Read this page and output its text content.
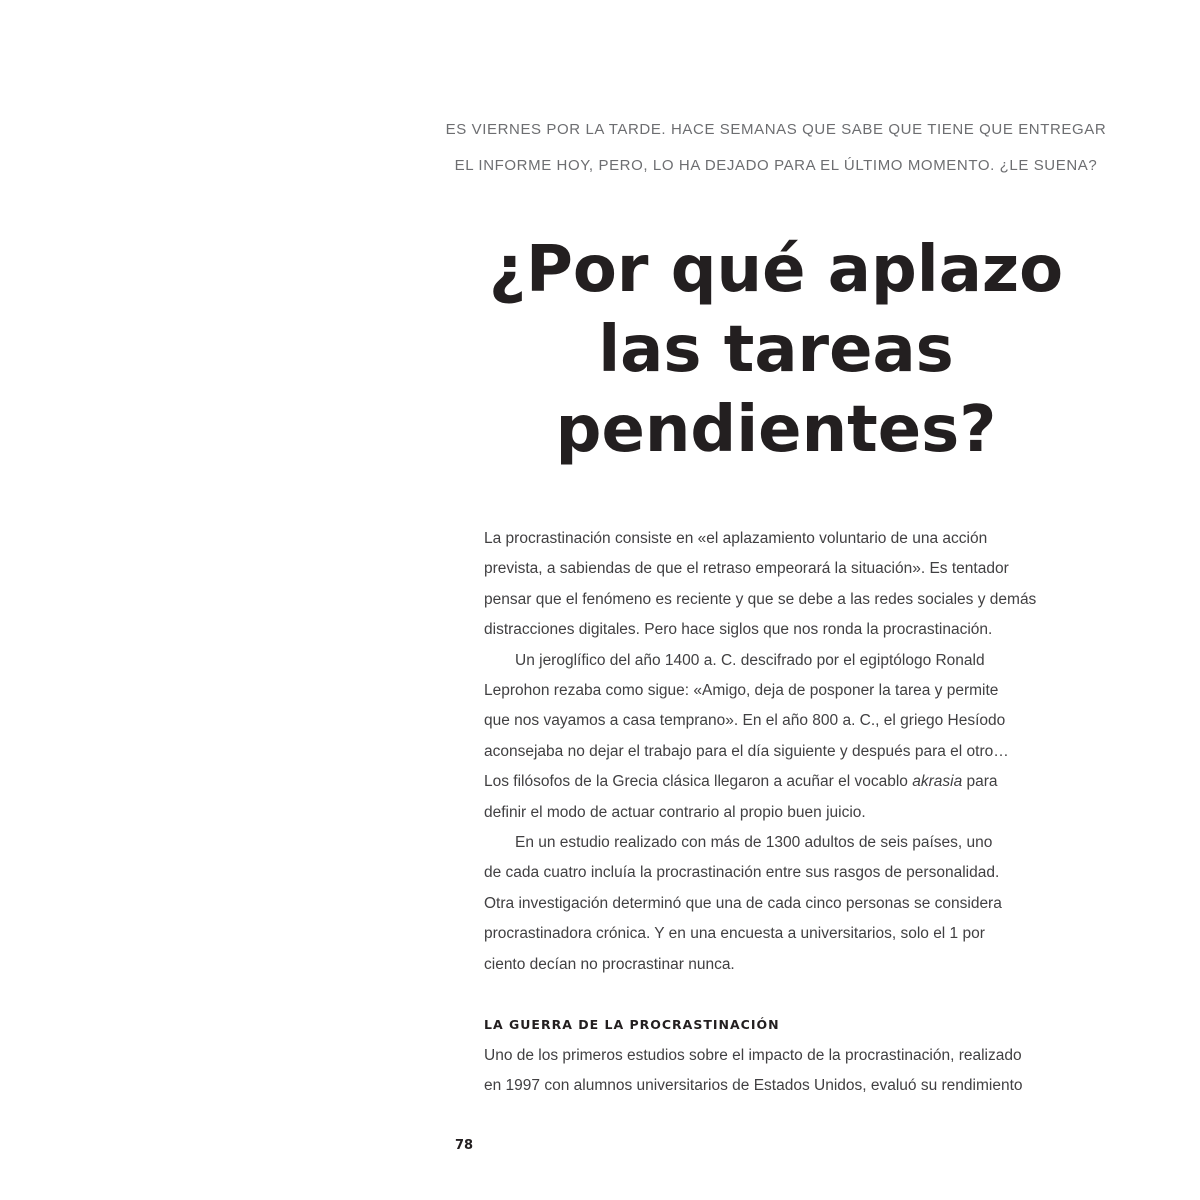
ES VIERNES POR LA TARDE. HACE SEMANAS QUE SABE QUE TIENE QUE ENTREGAR
EL INFORME HOY, PERO, LO HA DEJADO PARA EL ÚLTIMO MOMENTO. ¿LE SUENA?
¿Por qué aplazo
las tareas
pendientes?
La procrastinación consiste en «el aplazamiento voluntario de una acción
prevista, a sabiendas de que el retraso empeorará la situación». Es tentador
pensar que el fenómeno es reciente y que se debe a las redes sociales y demás
distracciones digitales. Pero hace siglos que nos ronda la procrastinación.
Un jeroglífico del año 1400 a. C. descifrado por el egiptólogo Ronald
Leprohon rezaba como sigue: «Amigo, deja de posponer la tarea y permite
que nos vayamos a casa temprano». En el año 800 a. C., el griego Hesíodo
aconsejaba no dejar el trabajo para el día siguiente y después para el otro…
Los filósofos de la Grecia clásica llegaron a acuñar el vocablo akrasia para
definir el modo de actuar contrario al propio buen juicio.
En un estudio realizado con más de 1300 adultos de seis países, uno
de cada cuatro incluía la procrastinación entre sus rasgos de personalidad.
Otra investigación determinó que una de cada cinco personas se considera
procrastinadora crónica. Y en una encuesta a universitarios, solo el 1 por
ciento decían no procrastinar nunca.
LA GUERRA DE LA PROCRASTINACIÓN
Uno de los primeros estudios sobre el impacto de la procrastinación, realizado
en 1997 con alumnos universitarios de Estados Unidos, evaluó su rendimiento
78
